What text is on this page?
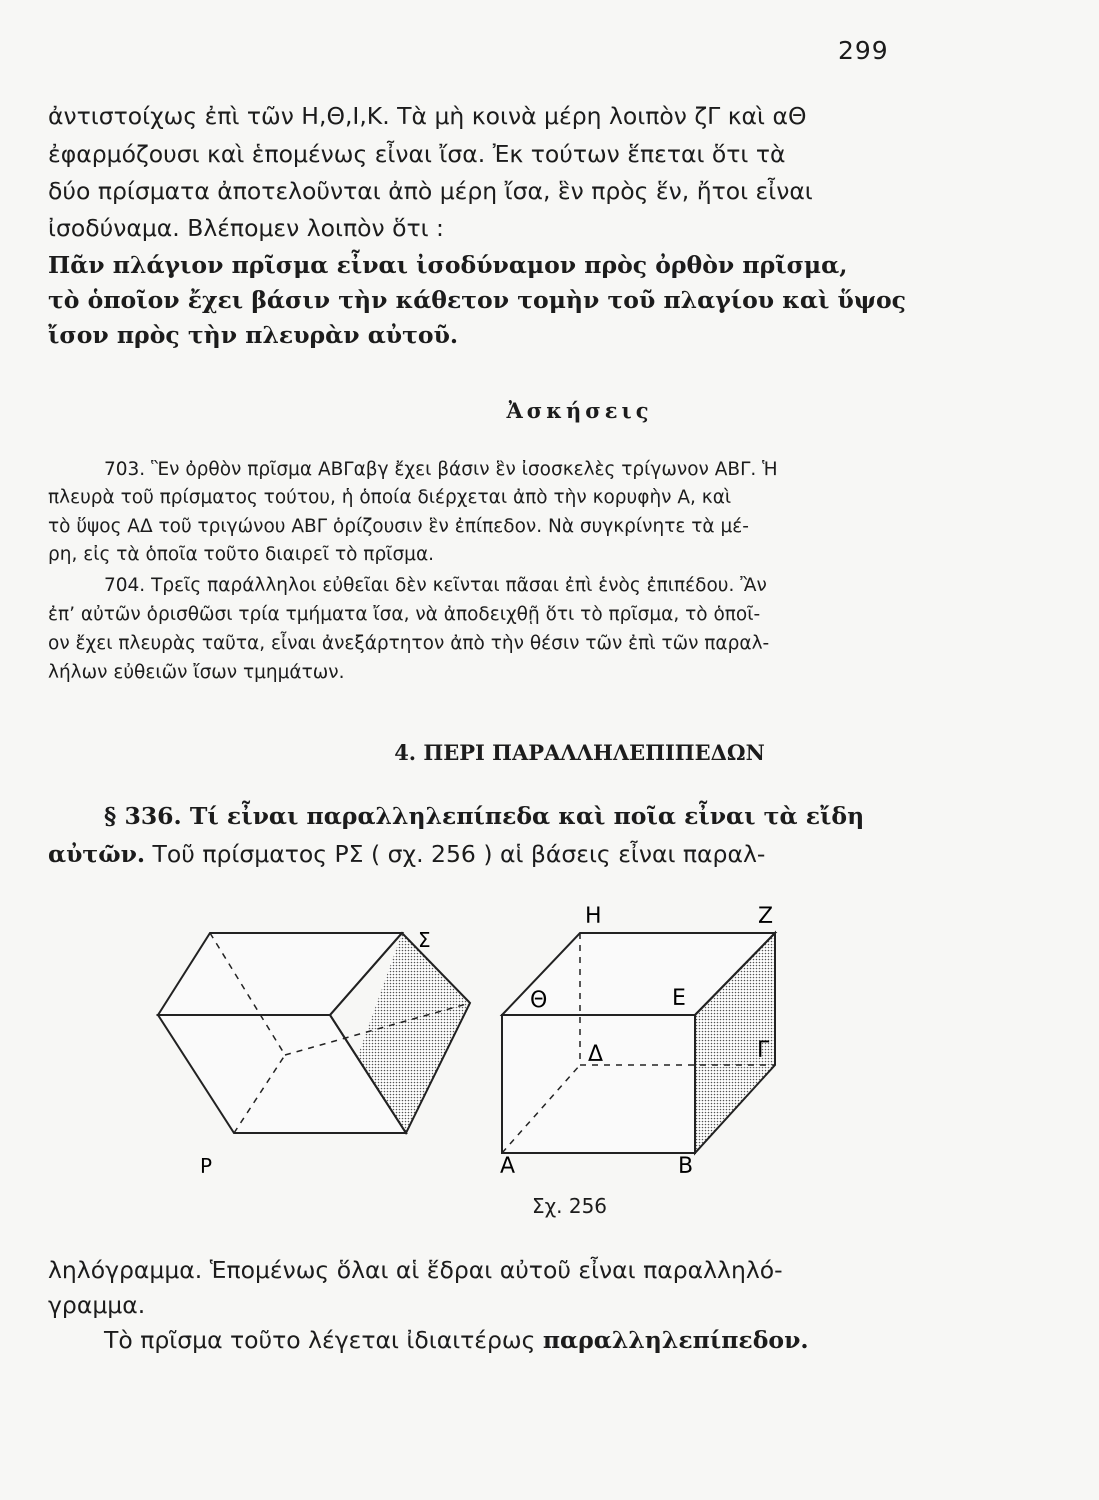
299
ἀντιστοίχως ἐπὶ τῶν Η,Θ,Ι,Κ. Τὰ μὴ κοινὰ μέρη λοιπὸν ζΓ καὶ αΘ
ἐφαρμόζουσι καὶ ἑπομένως εἶναι ἴσα. Ἐκ τούτων ἕπεται ὅτι τὰ
δύο πρίσματα ἀποτελοῦνται ἀπὸ μέρη ἴσα, ἓν πρὸς ἕν, ἤτοι εἶναι
ἰσοδύναμα. Βλέπομεν λοιπὸν ὅτι :
Πᾶν πλάγιον πρῖσμα εἶναι ἰσοδύναμον πρὸς ὀρθὸν πρῖσμα,
τὸ ὁποῖον ἔχει βάσιν τὴν κάθετον τομὴν τοῦ πλαγίου καὶ ὕψος
ἴσον πρὸς τὴν πλευρὰν αὐτοῦ.
Ἀσκήσεις
703. Ἓν ὀρθὸν πρῖσμα ΑΒΓαβγ ἔχει βάσιν ἓν ἰσοσκελὲς τρίγωνον ΑΒΓ. Ἡ
πλευρὰ τοῦ πρίσματος τούτου, ἡ ὁποία διέρχεται ἀπὸ τὴν κορυφὴν Α, καὶ
τὸ ὕψος ΑΔ τοῦ τριγώνου ΑΒΓ ὁρίζουσιν ἓν ἐπίπεδον. Νὰ συγκρίνητε τὰ μέ-
ρη, εἰς τὰ ὁποῖα τοῦτο διαιρεῖ τὸ πρῖσμα.
704. Τρεῖς παράλληλοι εὐθεῖαι δὲν κεῖνται πᾶσαι ἐπὶ ἑνὸς ἐπιπέδου. Ἂν
ἐπ’ αὐτῶν ὁρισθῶσι τρία τμήματα ἴσα, νὰ ἀποδειχθῇ ὅτι τὸ πρῖσμα, τὸ ὁποῖ-
ον ἔχει πλευρὰς ταῦτα, εἶναι ἀνεξάρτητον ἀπὸ τὴν θέσιν τῶν ἐπὶ τῶν παραλ-
λήλων εὐθειῶν ἴσων τμημάτων.
4. ΠΕΡΙ ΠΑΡΑΛΛΗΛΕΠΙΠΕΔΩΝ
§ 336. Τί εἶναι παραλληλεπίπεδα καὶ ποῖα εἶναι τὰ εἴδη
αὐτῶν. Τοῦ πρίσματος ΡΣ ( σχ. 256 ) αἱ βάσεις εἶναι παραλ-
Ρ
Σ
Η	Ζ
Θ	Ε
Δ	Γ
Α	Β
Σχ. 256
ληλόγραμμα. Ἑπομένως ὅλαι αἱ ἕδραι αὐτοῦ εἶναι παραλληλό-
γραμμα.
Τὸ πρῖσμα τοῦτο λέγεται ἰδιαιτέρως παραλληλεπίπεδον.
